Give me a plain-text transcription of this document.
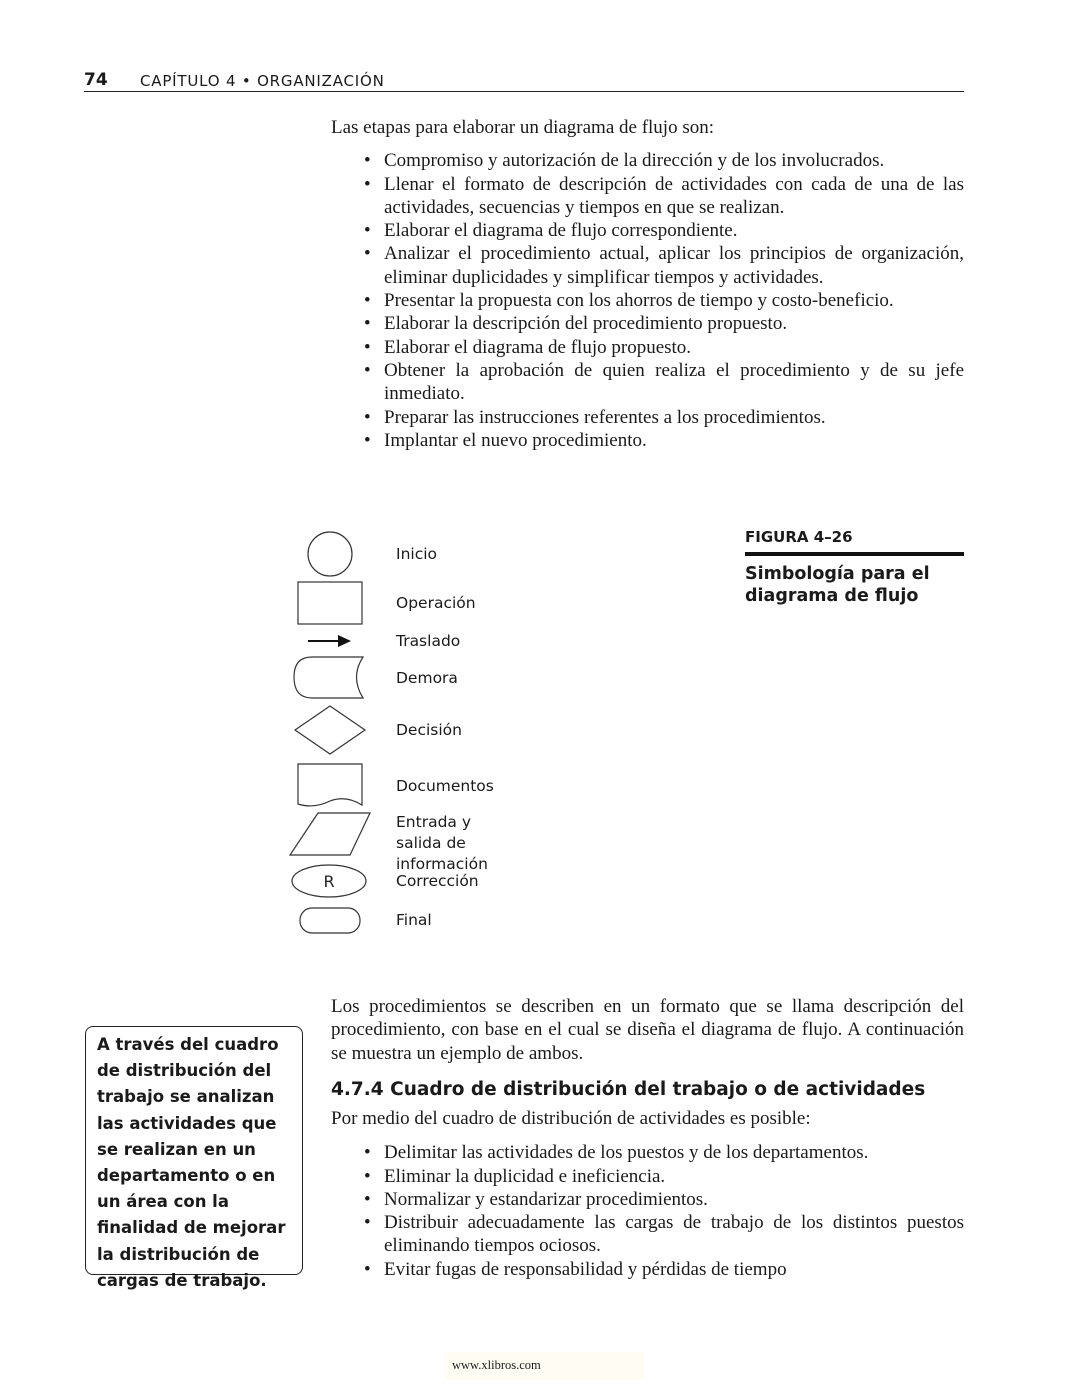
74 CAPÍTULO 4 • ORGANIZACIÓN

Las etapas para elaborar un diagrama de flujo son:

• Compromiso y autorización de la dirección y de los involucrados.
• Llenar el formato de descripción de actividades con cada de una de las actividades, secuencias y tiempos en que se realizan.
• Elaborar el diagrama de flujo correspondiente.
• Analizar el procedimiento actual, aplicar los principios de organización, eliminar duplicidades y simplificar tiempos y actividades.
• Presentar la propuesta con los ahorros de tiempo y costo-beneficio.
• Elaborar la descripción del procedimiento propuesto.
• Elaborar el diagrama de flujo propuesto.
• Obtener la aprobación de quien realiza el procedimiento y de su jefe inmediato.
• Preparar las instrucciones referentes a los procedimientos.
• Implantar el nuevo procedimiento.
R
Inicio
Operación
Traslado
Demora
Decisión
Documentos
Entrada y salida de información
Corrección
Final
FIGURA 4–26
Simbología para el diagrama de flujo

Los procedimientos se describen en un formato que se llama descripción del procedimiento, con base en el cual se diseña el diagrama de flujo. A continuación se muestra un ejemplo de ambos.

A través del cuadro de distribución del trabajo se analizan las actividades que se realizan en un departamento o en un área con la finalidad de mejorar la distribución de cargas de trabajo.
4.7.4 Cuadro de distribución del trabajo o de actividades

Por medio del cuadro de distribución de actividades es posible:

• Delimitar las actividades de los puestos y de los departamentos.
• Eliminar la duplicidad e ineficiencia.
• Normalizar y estandarizar procedimientos.
• Distribuir adecuadamente las cargas de trabajo de los distintos puestos eliminando tiempos ociosos.
• Evitar fugas de responsabilidad y pérdidas de tiempo
www.xlibros.com
